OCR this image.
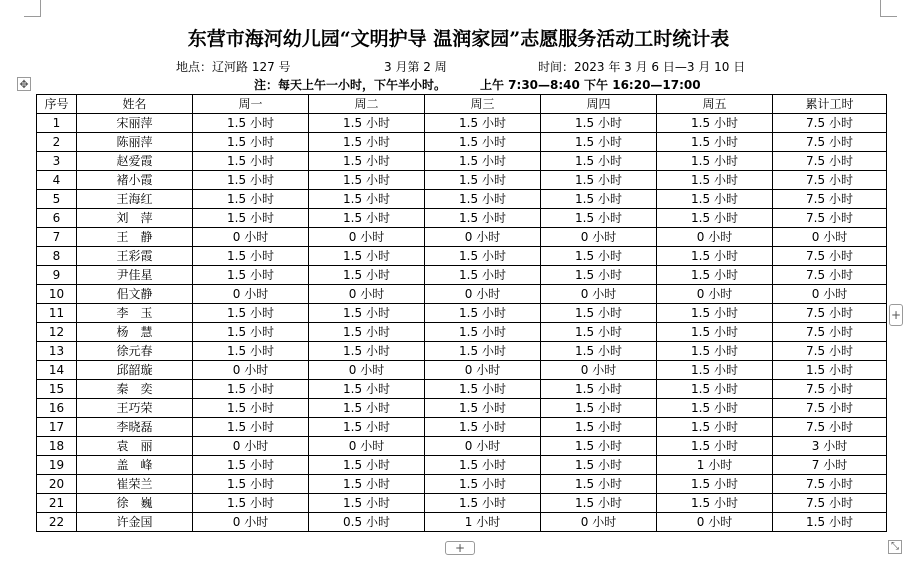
东营市海河幼儿园“文明护导 温润家园”志愿服务活动工时统计表
地点：辽河路 127 号	3 月第 2 周	时间：2023 年 3 月 6 日—3 月 10 日
✥	注：每天上午一小时，下午半小时。	上午 7:30—8:40 下午 16:20—17:00
序号	姓名	周一	周二	周三	周四	周五	累计工时
1	宋丽萍	1.5 小时	1.5 小时	1.5 小时	1.5 小时	1.5 小时	7.5 小时
2	陈丽萍	1.5 小时	1.5 小时	1.5 小时	1.5 小时	1.5 小时	7.5 小时
3	赵爱霞	1.5 小时	1.5 小时	1.5 小时	1.5 小时	1.5 小时	7.5 小时
4	褚小霞	1.5 小时	1.5 小时	1.5 小时	1.5 小时	1.5 小时	7.5 小时
5	王海红	1.5 小时	1.5 小时	1.5 小时	1.5 小时	1.5 小时	7.5 小时
6	刘　萍	1.5 小时	1.5 小时	1.5 小时	1.5 小时	1.5 小时	7.5 小时
7	王　静	0 小时	0 小时	0 小时	0 小时	0 小时	0 小时
8	王彩霞	1.5 小时	1.5 小时	1.5 小时	1.5 小时	1.5 小时	7.5 小时
9	尹佳星	1.5 小时	1.5 小时	1.5 小时	1.5 小时	1.5 小时	7.5 小时
10	佀文静	0 小时	0 小时	0 小时	0 小时	0 小时	0 小时
11	李　玉	1.5 小时	1.5 小时	1.5 小时	1.5 小时	1.5 小时	7.5 小时
12	杨　慧	1.5 小时	1.5 小时	1.5 小时	1.5 小时	1.5 小时	7.5 小时
13	徐元春	1.5 小时	1.5 小时	1.5 小时	1.5 小时	1.5 小时	7.5 小时
14	邱韶璇	0 小时	0 小时	0 小时	0 小时	1.5 小时	1.5 小时
15	秦　奕	1.5 小时	1.5 小时	1.5 小时	1.5 小时	1.5 小时	7.5 小时
16	王巧荣	1.5 小时	1.5 小时	1.5 小时	1.5 小时	1.5 小时	7.5 小时
17	李晓磊	1.5 小时	1.5 小时	1.5 小时	1.5 小时	1.5 小时	7.5 小时
18	袁　丽	0 小时	0 小时	0 小时	1.5 小时	1.5 小时	3 小时
19	盖　峰	1.5 小时	1.5 小时	1.5 小时	1.5 小时	1 小时	7 小时
20	崔荣兰	1.5 小时	1.5 小时	1.5 小时	1.5 小时	1.5 小时	7.5 小时
21	徐　巍	1.5 小时	1.5 小时	1.5 小时	1.5 小时	1.5 小时	7.5 小时
22	许金国	0 小时	0.5 小时	1 小时	0 小时	0 小时	1.5 小时
+
+	⤡
